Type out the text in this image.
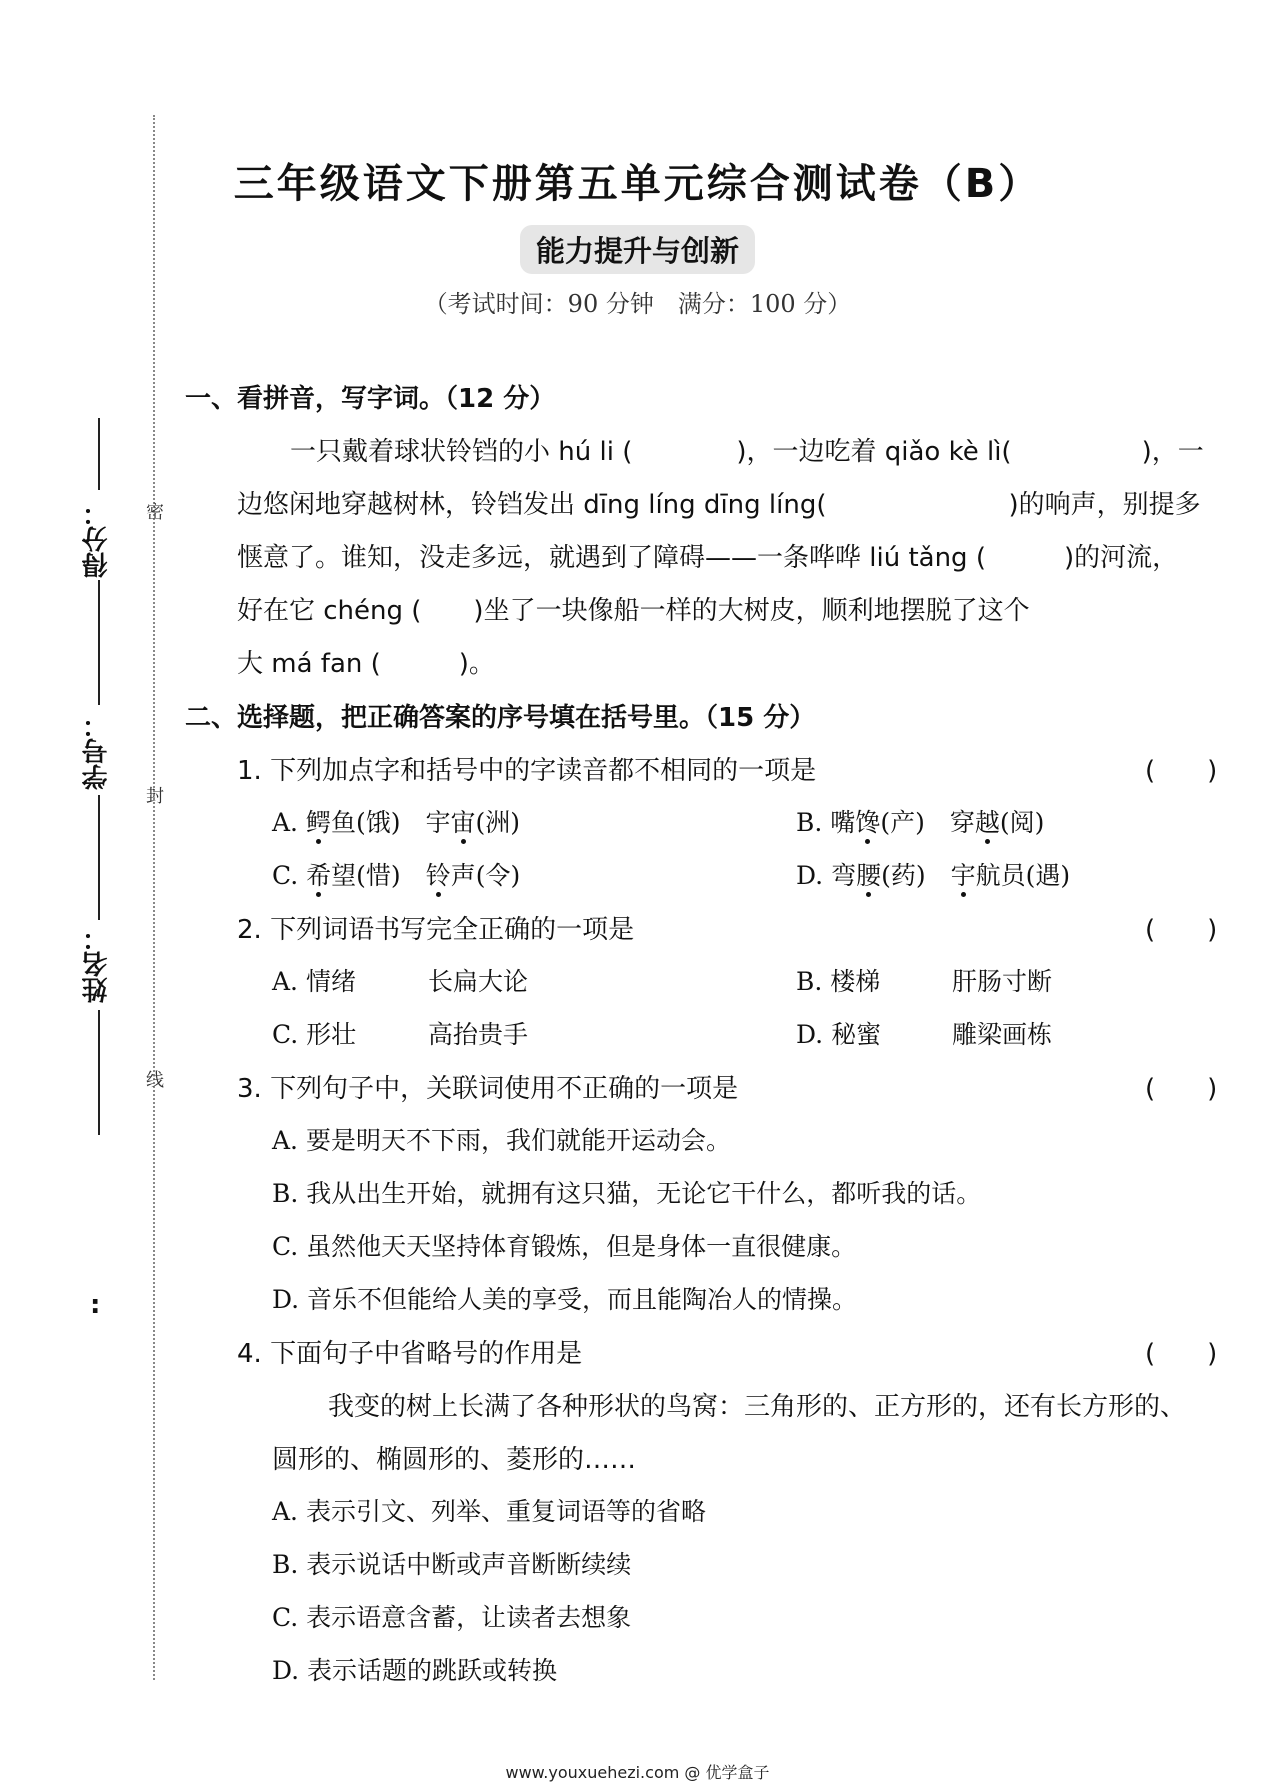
密
封
线
得分：
学号：
姓名：
:
三年级语文下册第五单元综合测试卷（B）
能力提升与创新
（考试时间：90 分钟　满分：100 分）
一、看拼音，写字词。（12 分）
一只戴着球状铃铛的小 hú li (　　　　)，一边吃着 qiǎo kè lì(　　　　　)，一
边悠闲地穿越树林，铃铛发出 dīng líng dīng líng(　　　　　　　)的响声，别提多
惬意了。谁知，没走多远，就遇到了障碍——一条哗哗 liú tǎng (　　　)的河流，
好在它 chéng (　　)坐了一块像船一样的大树皮，顺利地摆脱了这个
大 má fan (　　　)。
二、选择题，把正确答案的序号填在括号里。（15 分）
1. 下列加点字和括号中的字读音都不相同的一项是	(　　)
A. 鳄鱼(饿)  宇宙(洲)	B. 嘴馋(产)  穿越(阅)
C. 希望(惜)  铃声(令)	D. 弯腰(药)  宇航员(遇)
2. 下列词语书写完全正确的一项是	(　　)
A. 情绪	长扁大论	B. 楼梯	肝肠寸断
C. 形壮	高抬贵手	D. 秘蜜	雕梁画栋
3. 下列句子中，关联词使用不正确的一项是	(　　)
A. 要是明天不下雨，我们就能开运动会。
B. 我从出生开始，就拥有这只猫，无论它干什么，都听我的话。
C. 虽然他天天坚持体育锻炼，但是身体一直很健康。
D. 音乐不但能给人美的享受，而且能陶冶人的情操。
4. 下面句子中省略号的作用是	(　　)
我变的树上长满了各种形状的鸟窝：三角形的、正方形的，还有长方形的、
圆形的、椭圆形的、菱形的……
A. 表示引文、列举、重复词语等的省略
B. 表示说话中断或声音断断续续
C. 表示语意含蓄，让读者去想象
D. 表示话题的跳跃或转换
www.youxuehezi.com @ 优学盒子
